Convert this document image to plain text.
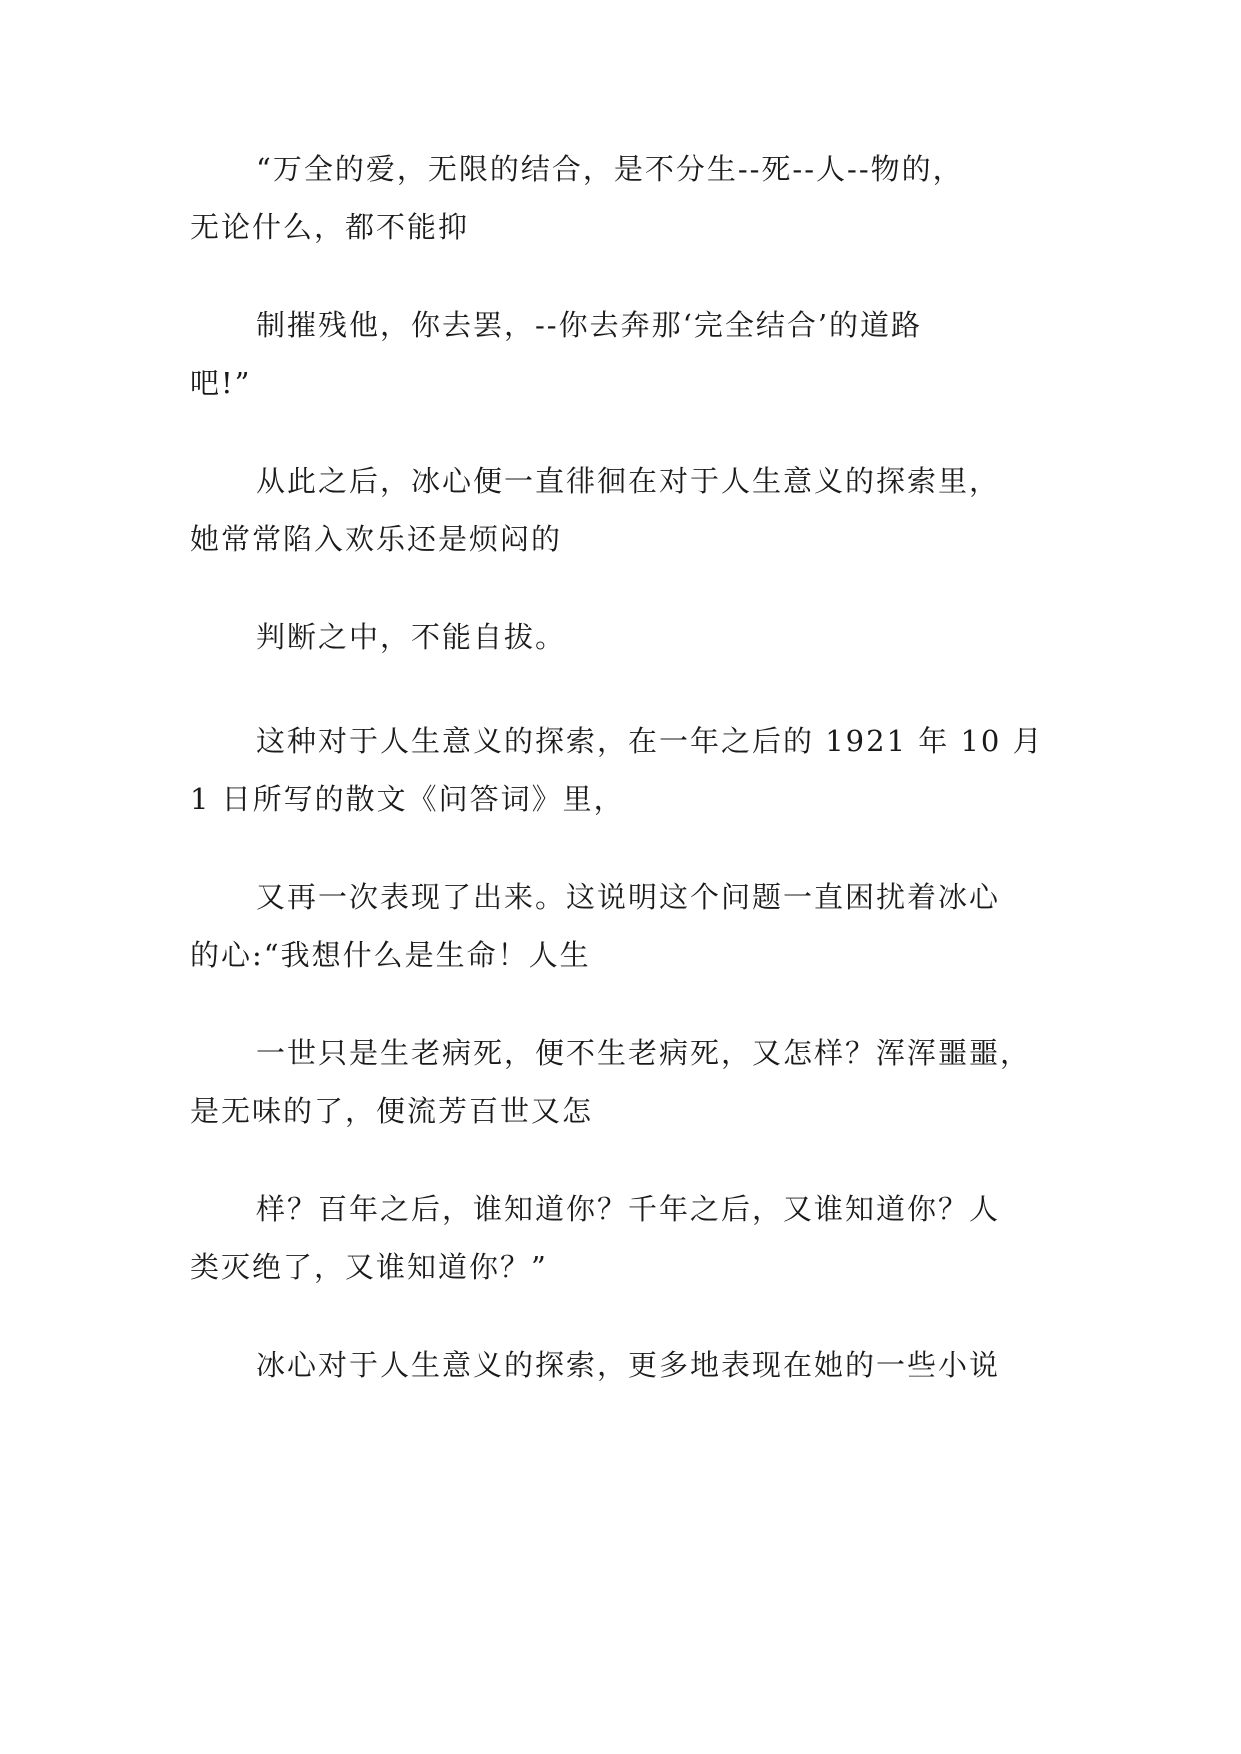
“万全的爱，无限的结合，是不分生--死--人--物的，
无论什么，都不能抑

制摧残他，你去罢，--你去奔那‘完全结合’的道路
吧!”

从此之后，冰心便一直徘徊在对于人生意义的探索里，
她常常陷入欢乐还是烦闷的

判断之中，不能自拔。

这种对于人生意义的探索，在一年之后的 1921 年 10 月
1 日所写的散文《问答词》里，

又再一次表现了出来。这说明这个问题一直困扰着冰心
的心:“我想什么是生命！人生

一世只是生老病死，便不生老病死，又怎样？浑浑噩噩，
是无味的了，便流芳百世又怎

样？百年之后，谁知道你？千年之后，又谁知道你？人
类灭绝了，又谁知道你？”

冰心对于人生意义的探索，更多地表现在她的一些小说
